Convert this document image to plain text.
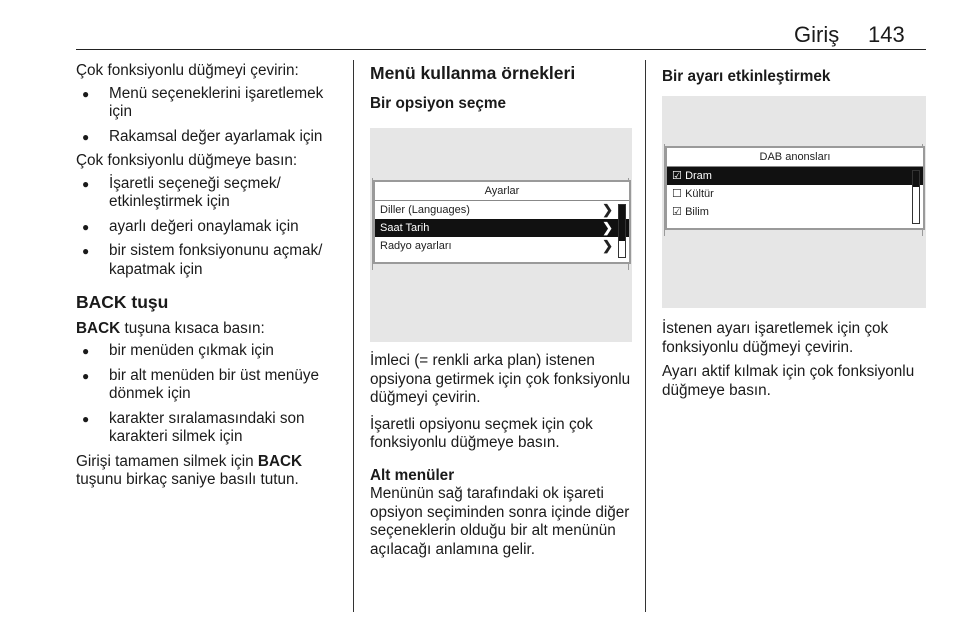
Giriş 143

Çok fonksiyonlu düğmeyi çevirin:

● Menü seçeneklerini işaretlemek için
● Rakamsal değer ayarlamak için

Çok fonksiyonlu düğmeye basın:

● İşaretli seçeneği seçmek/ etkinleştirmek için
● ayarlı değeri onaylamak için
● bir sistem fonksiyonunu açmak/ kapatmak için
BACK tuşu

BACK tuşuna kısaca basın:

● bir menüden çıkmak için
● bir alt menüden bir üst menüye dönmek için
● karakter sıralamasındaki son karakteri silmek için

Girişi tamamen silmek için BACK tuşunu birkaç saniye basılı tutun.

Menü kullanma örnekleri
Bir opsiyon seçme
Ayarlar
Diller (Languages)	❯
Saat Tarih	❯
Radyo ayarları	❯

İmleci (= renkli arka plan) istenen opsiyona getirmek için çok fonksiyonlu düğmeyi çevirin.

İşaretli opsiyonu seçmek için çok fonksiyonlu düğmeye basın.

Alt menüler

Menünün sağ tarafındaki ok işareti opsiyon seçiminden sonra içinde diğer seçeneklerin olduğu bir alt menünün açılacağı anlamına gelir.

Bir ayarı etkinleştirmek
DAB anonsları
☑ Dram
☐ Kültür
☑ Bilim

İstenen ayarı işaretlemek için çok fonksiyonlu düğmeyi çevirin.

Ayarı aktif kılmak için çok fonksiyonlu düğmeye basın.
